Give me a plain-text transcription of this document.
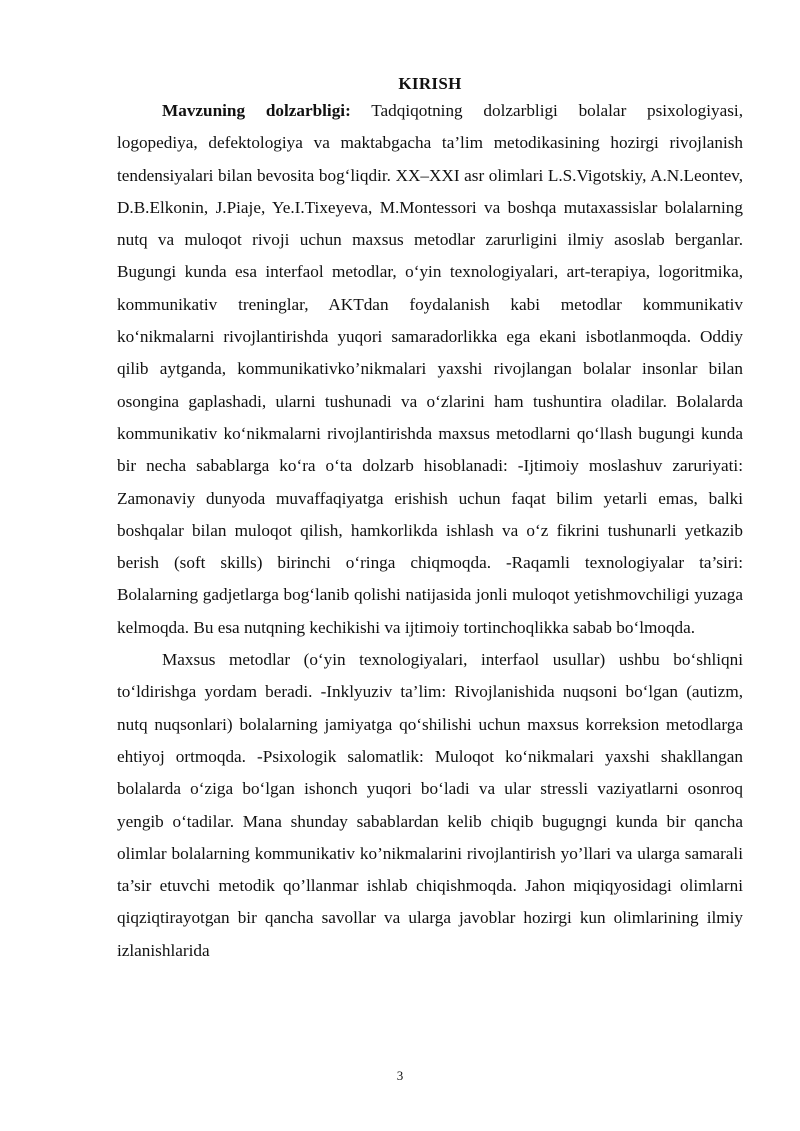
KIRISH

Mavzuning dolzarbligi: Tadqiqotning dolzarbligi bolalar psixologiyasi, logopediya, defektologiya va maktabgacha ta’lim metodikasining hozirgi rivojlanish tendensiyalari bilan bevosita bog‘liqdir. XX–XXI asr olimlari L.S.Vigotskiy, A.N.Leontev, D.B.Elkonin, J.Piaje, Ye.I.Tixeyeva, M.Montessori va boshqa mutaxassislar bolalarning nutq va muloqot rivoji uchun maxsus metodlar zarurligini ilmiy asoslab berganlar. Bugungi kunda esa interfaol metodlar, o‘yin texnologiyalari, art-terapiya, logoritmika, kommunikativ treninglar, AKTdan foydalanish kabi metodlar kommunikativ ko‘nikmalarni rivojlantirishda yuqori samaradorlikka ega ekani isbotlanmoqda. Oddiy qilib aytganda, kommunikativko’nikmalari yaxshi rivojlangan bolalar insonlar bilan osongina gaplashadi, ularni tushunadi va o‘zlarini ham tushuntira oladilar. Bolalarda kommunikativ ko‘nikmalarni rivojlantirishda maxsus metodlarni qo‘llash bugungi kunda bir necha sabablarga ko‘ra o‘ta dolzarb hisoblanadi: -Ijtimoiy moslashuv zaruriyati: Zamonaviy dunyoda muvaffaqiyatga erishish uchun faqat bilim yetarli emas, balki boshqalar bilan muloqot qilish, hamkorlikda ishlash va o‘z fikrini tushunarli yetkazib berish (soft skills) birinchi o‘ringa chiqmoqda. -Raqamli texnologiyalar ta’siri: Bolalarning gadjetlarga bog‘lanib qolishi natijasida jonli muloqot yetishmovchiligi yuzaga kelmoqda. Bu esa nutqning kechikishi va ijtimoiy tortinchoqlikka sabab bo‘lmoqda.

Maxsus metodlar (o‘yin texnologiyalari, interfaol usullar) ushbu bo‘shliqni to‘ldirishga yordam beradi. -Inklyuziv ta’lim: Rivojlanishida nuqsoni bo‘lgan (autizm, nutq nuqsonlari) bolalarning jamiyatga qo‘shilishi uchun maxsus korreksion metodlarga ehtiyoj ortmoqda. -Psixologik salomatlik: Muloqot ko‘nikmalari yaxshi shakllangan bolalarda o‘ziga bo‘lgan ishonch yuqori bo‘ladi va ular stressli vaziyatlarni osonroq yengib o‘tadilar. Mana shunday sabablardan kelib chiqib bugugngi kunda bir qancha olimlar bolalarning kommunikativ ko’nikmalarini rivojlantirish yo’llari va ularga samarali ta’sir etuvchi metodik qo’llanmar ishlab chiqishmoqda. Jahon miqiqyosidagi olimlarni qiqziqtirayotgan bir qancha savollar va ularga javoblar hozirgi kun olimlarining ilmiy izlanishlarida

3
